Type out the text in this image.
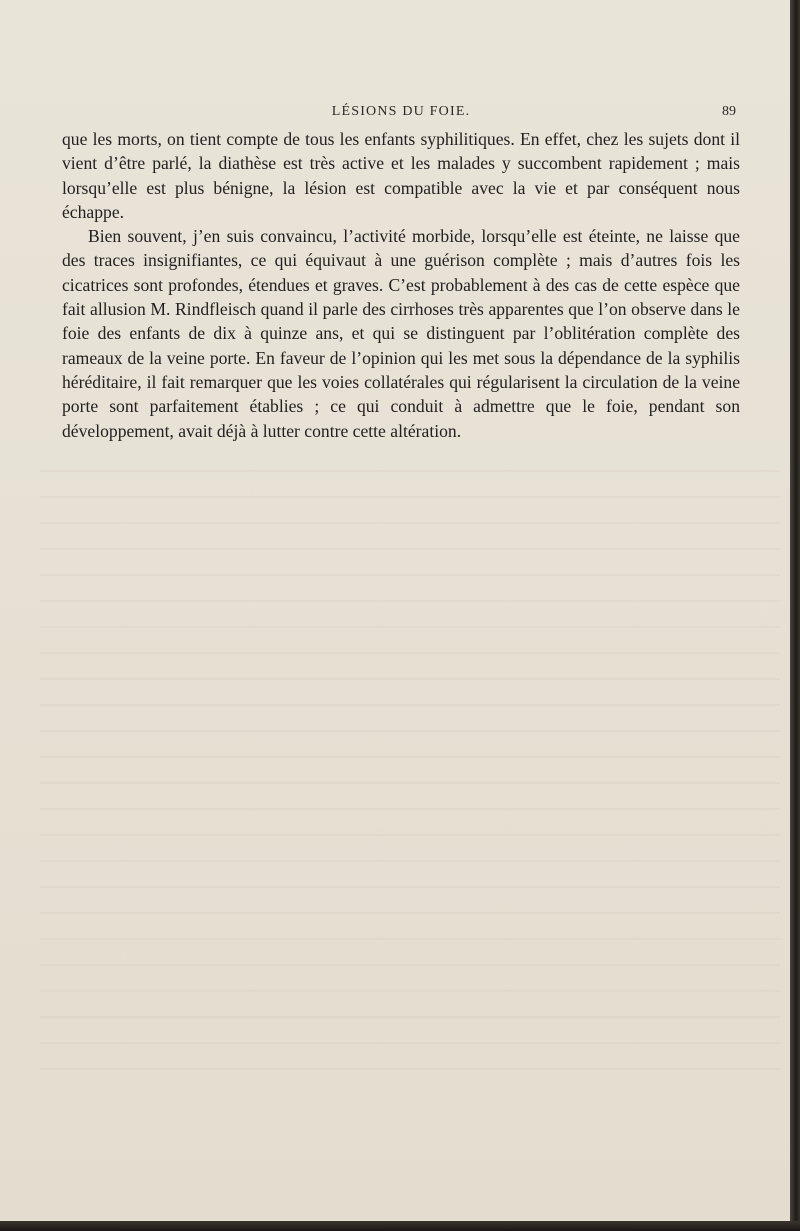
LÉSIONS DU FOIE.	89

que les morts, on tient compte de tous les enfants syphilitiques. En effet, chez les sujets dont il vient d’être parlé, la diathèse est très active et les malades y succombent rapidement ; mais lorsqu’elle est plus bénigne, la lésion est compatible avec la vie et par conséquent nous échappe.

Bien souvent, j’en suis convaincu, l’activité morbide, lorsqu’elle est éteinte, ne laisse que des traces insignifiantes, ce qui équivaut à une guérison complète ; mais d’autres fois les cicatrices sont profondes, étendues et graves. C’est probablement à des cas de cette espèce que fait allusion M. Rindfleisch quand il parle des cirrhoses très apparentes que l’on observe dans le foie des enfants de dix à quinze ans, et qui se distinguent par l’oblitération complète des rameaux de la veine porte. En faveur de l’opinion qui les met sous la dépendance de la syphilis héréditaire, il fait remarquer que les voies collatérales qui régularisent la circulation de la veine porte sont parfaitement établies ; ce qui conduit à admettre que le foie, pendant son développement, avait déjà à lutter contre cette altération.
